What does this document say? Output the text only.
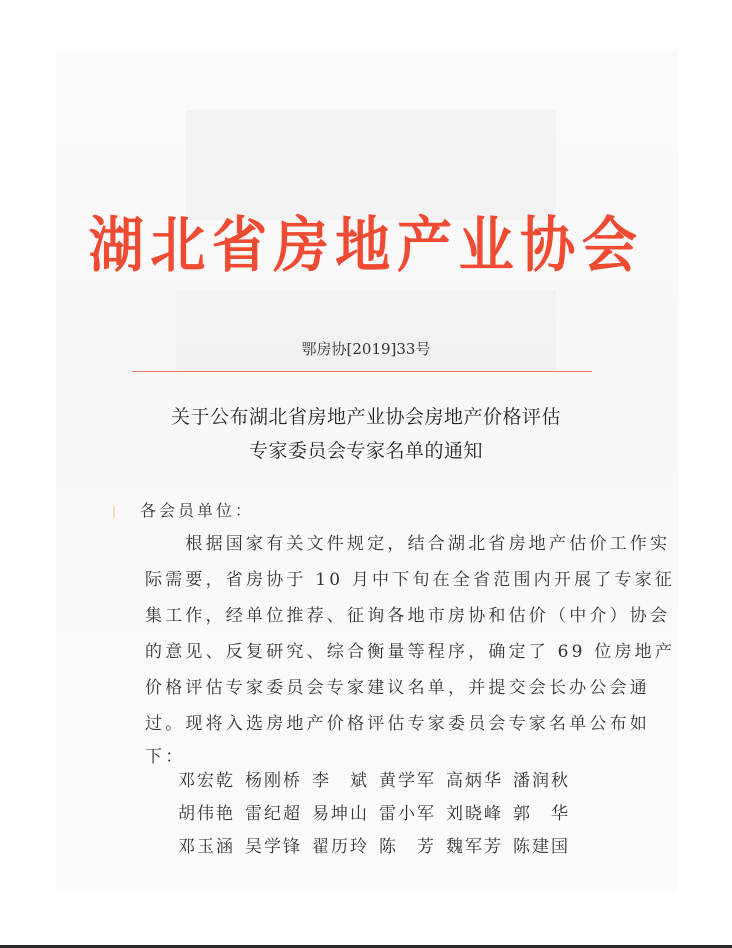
湖北省房地产业协会
鄂房协[2019]33号
关于公布湖北省房地产业协会房地产价格评估
专家委员会专家名单的通知
各会员单位：
　　根据国家有关文件规定，结合湖北省房地产估价工作实
际需要，省房协于 10 月中下旬在全省范围内开展了专家征
集工作，经单位推荐、征询各地市房协和估价（中介）协会
的意见、反复研究、综合衡量等程序，确定了 69 位房地产
价格评估专家委员会专家建议名单，并提交会长办公会通
过。现将入选房地产价格评估专家委员会专家名单公布如
下：
邓宏乾 杨刚桥 李　斌 黄学军 高炳华 潘润秋
胡伟艳 雷纪超 易坤山 雷小军 刘晓峰 郭　华
邓玉涵 吴学锋 翟历玲 陈　芳 魏军芳 陈建国
